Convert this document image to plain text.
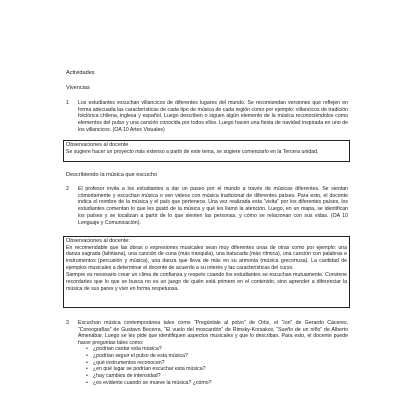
Actividades
Vivencias
1	Los estudiantes escuchan villancicos de diferentes lugares del mundo. Se recomiendan versiones que reflejen en forma adecuada las características de cada tipo de música de cada región como por ejemplo: villancicos de tradición folclórica chilena, inglesa y español. Luego describen o siguen algún elemento de la música reconociéndolos como elementos del pulso y una canción conocida por todos ellos. Luego hacen una fiesta de navidad inspirada en uno de los villancicos. (OA 10 Artes Visuales)
Observaciones al docente
Se sugiere hacer un proyecto más extenso a partir de este tema, se sugiere comenzarlo en la Tercera unidad.
Describiendo la música que escucho
2	El profesor invita a los estudiantes a dar un paseo por el mundo a través de músicas diferentes. Se sientan cómodamente y escuchan música o ven videos con música tradicional de diferentes países. Para esto, el docente indica el nombre de la música y el país que pertenece. Una vez realizada esta “visita” por los diferentes países, los estudiantes comentan lo que les gustó de la música y qué les llamó la atención. Luego, en un mapa, se identifican los países y se localizan a partir de lo que sienten las personas, y cómo se relacionan con sus vidas. (OA 10 Lenguaje y Comunicación).
Observaciones al docente:
En recomendable que las obras o expresiones musicales sean muy diferentes unas de otras como por ejemplo: una danza sagrada (tahitiana), una canción de cuna (más tranquila), una batucada (más rítmica), una canción con palabras e instrumentos (percusión y música), una danza que lleva de más en su armonía (música grecorrusa). La cantidad de ejemplos musicales a determinar el docente de acuerdo a su interés y las características del curso.
Siempre es necesario crear un clima de confianza y respeto cuando los estudiantes se escuchan mutuamente. Conviene recordarles que lo que se busca no es un juego de quién está primero en el contenido, sino aprender a diferenciar la música de sus pares y vivir en forma respetuosa.
3	Escuchan música contemporánea tales como “Pregúntale al polvo” de Ortiz, el “Ion” de Gerardo Cáceres, “Coreografías” de Gustavo Becerra, “El vuelo del moscardón” de Rimsky-Korsakov, “Sueño de un niño” de Alberto Amenábar. Luego se les pide que identifiquen aspectos musicales y que lo describan. Para esto, el docente puede hacer preguntas tales como:
• ¿podrían cantar esta música?
• ¿podrían seguir el pulso de esta música?
• ¿qué instrumentos reconocen?
• ¿en qué lugar se podrían escuchar esta música?
• ¿hay cambios de intensidad?
• ¿es evidente cuando se mueve la música? ¿cómo?
